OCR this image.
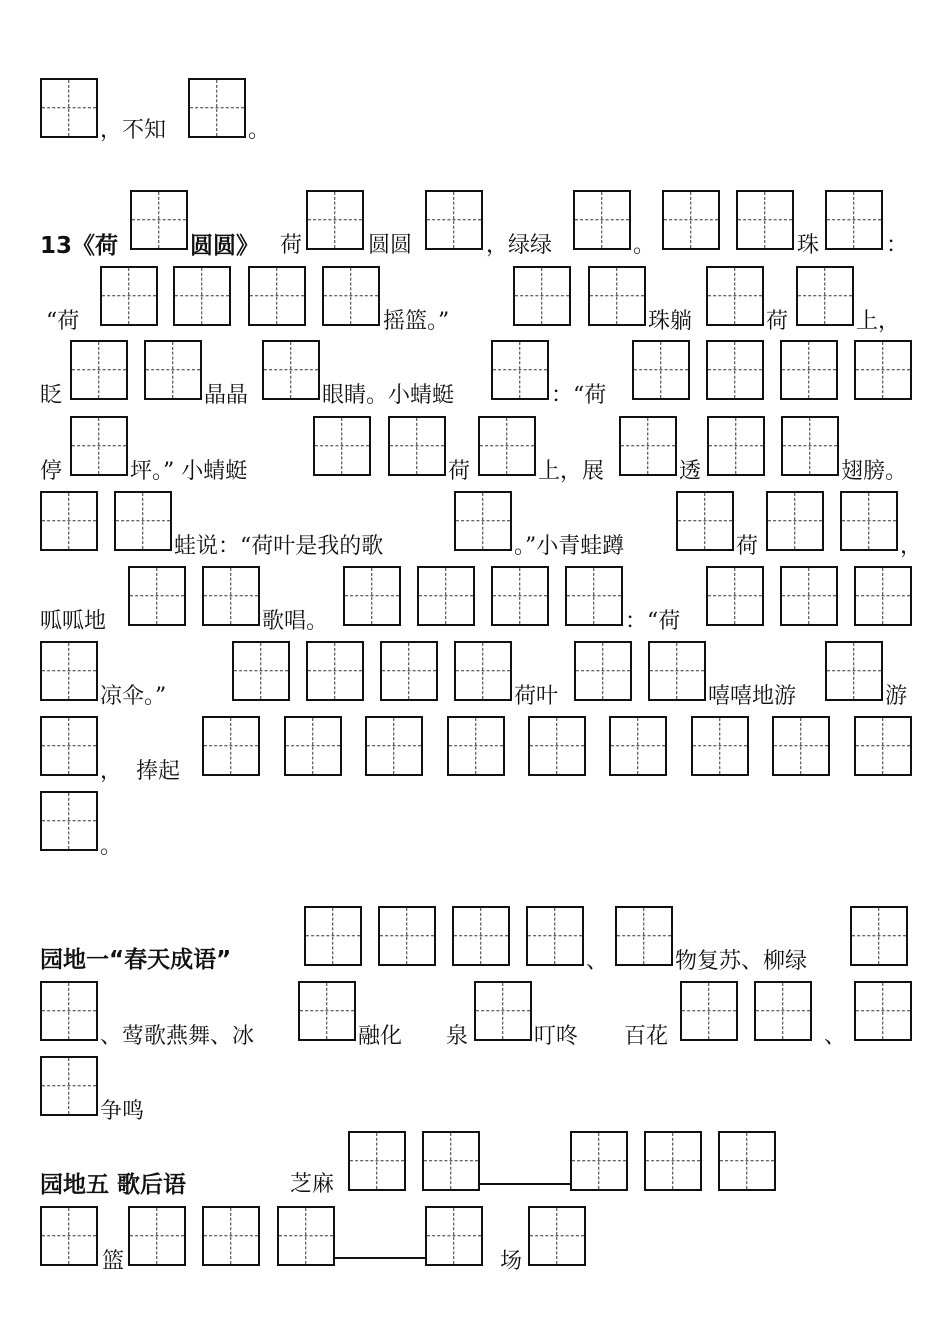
，不知	。
13《荷	圆圆》 荷	圆圆	，绿绿	。	珠	：
“荷	摇篮。”	珠躺	荷	上，
眨	晶晶	眼睛。小蜻蜓	：“荷
停	坪。” 小蜻蜓	荷	上，展	透	翅膀。
蛙说：“荷叶是我的歌	。”小青蛙蹲	荷	，
呱呱地	歌唱。	：“荷
凉伞。”	荷叶	嘻嘻地游	游
， 捧起
。
园地一“春天成语”	、	物复苏、柳绿
、莺歌燕舞、冰	融化 泉	叮咚 百花	、
争鸣
园地五 歌后语	芝麻
篮	场
